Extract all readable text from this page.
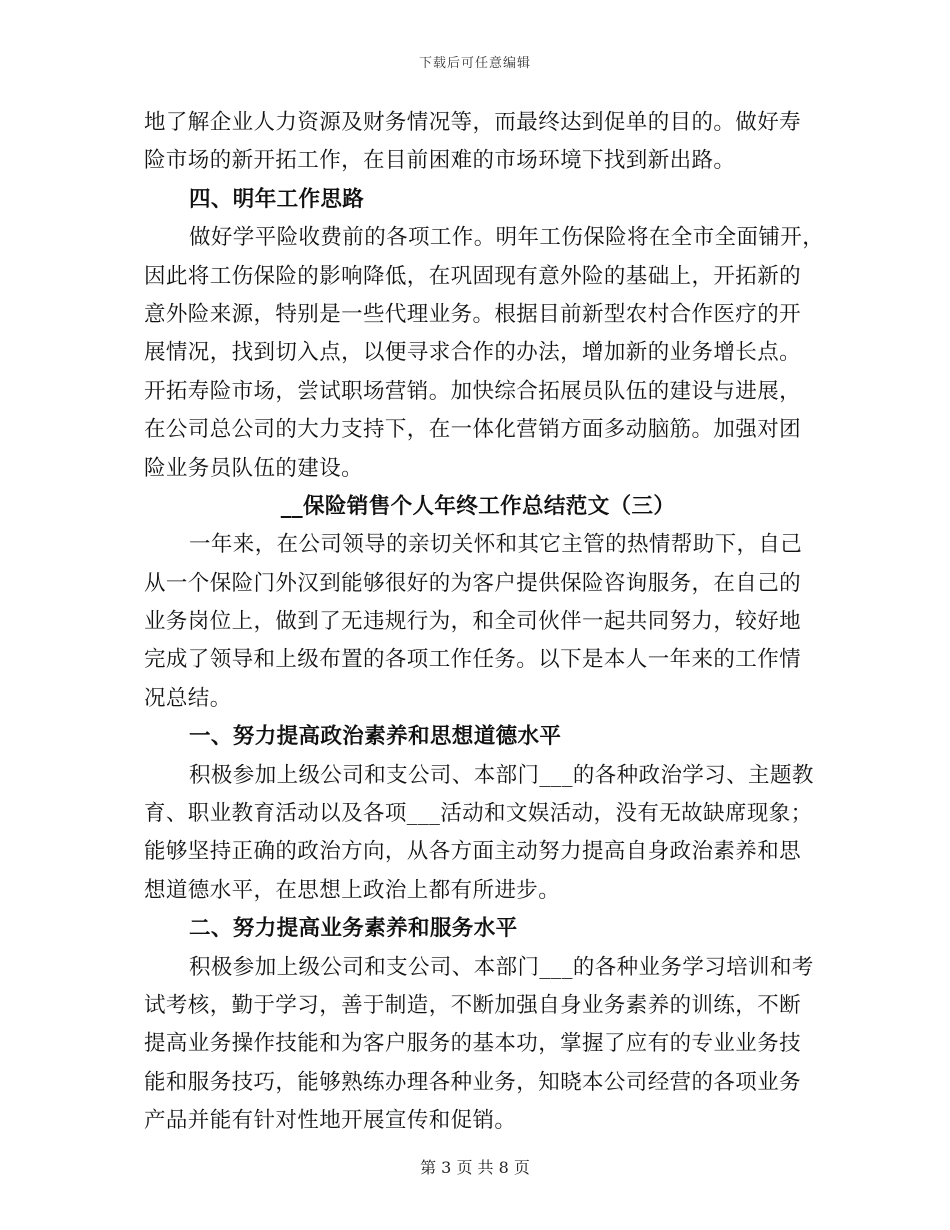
下载后可任意编辑
地了解企业人力资源及财务情况等，而最终达到促单的目的。做好寿
险市场的新开拓工作，在目前困难的市场环境下找到新出路。
四、明年工作思路
做好学平险收费前的各项工作。明年工伤保险将在全市全面铺开，
因此将工伤保险的影响降低，在巩固现有意外险的基础上，开拓新的
意外险来源，特别是一些代理业务。根据目前新型农村合作医疗的开
展情况，找到切入点，以便寻求合作的办法，增加新的业务增长点。
开拓寿险市场，尝试职场营销。加快综合拓展员队伍的建设与进展，
在公司总公司的大力支持下，在一体化营销方面多动脑筋。加强对团
险业务员队伍的建设。
__保险销售个人年终工作总结范文（三）
一年来，在公司领导的亲切关怀和其它主管的热情帮助下，自己
从一个保险门外汉到能够很好的为客户提供保险咨询服务，在自己的
业务岗位上，做到了无违规行为，和全司伙伴一起共同努力，较好地
完成了领导和上级布置的各项工作任务。以下是本人一年来的工作情
况总结。
一、努力提高政治素养和思想道德水平
积极参加上级公司和支公司、本部门___的各种政治学习、主题教
育、职业教育活动以及各项___活动和文娱活动，没有无故缺席现象；
能够坚持正确的政治方向，从各方面主动努力提高自身政治素养和思
想道德水平，在思想上政治上都有所进步。
二、努力提高业务素养和服务水平
积极参加上级公司和支公司、本部门___的各种业务学习培训和考
试考核，勤于学习，善于制造，不断加强自身业务素养的训练，不断
提高业务操作技能和为客户服务的基本功，掌握了应有的专业业务技
能和服务技巧，能够熟练办理各种业务，知晓本公司经营的各项业务
产品并能有针对性地开展宣传和促销。
第 3 页 共 8 页
